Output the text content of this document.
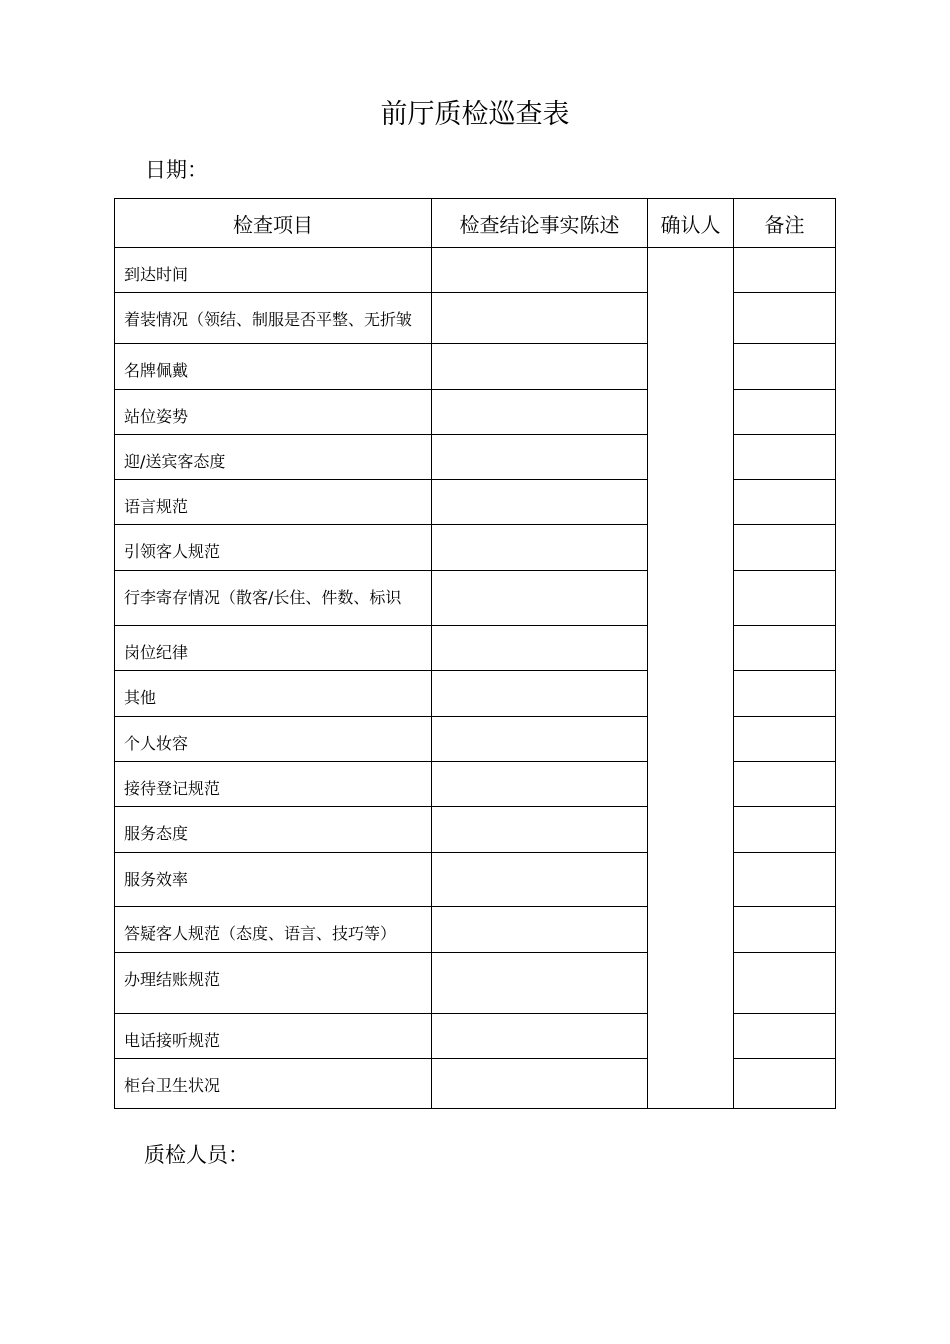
前厅质检巡查表
日期：
检查项目	检查结论事实陈述	确认人	备注
到达时间			
着装情况（领结、制服是否平整、无折皱			
名牌佩戴			
站位姿势			
迎/送宾客态度			
语言规范			
引领客人规范			
行李寄存情况（散客/长住、件数、标识			
岗位纪律			
其他			
个人妆容			
接待登记规范			
服务态度			
服务效率			
答疑客人规范（态度、语言、技巧等）			
办理结账规范			
电话接听规范			
柜台卫生状况			
质检人员：
